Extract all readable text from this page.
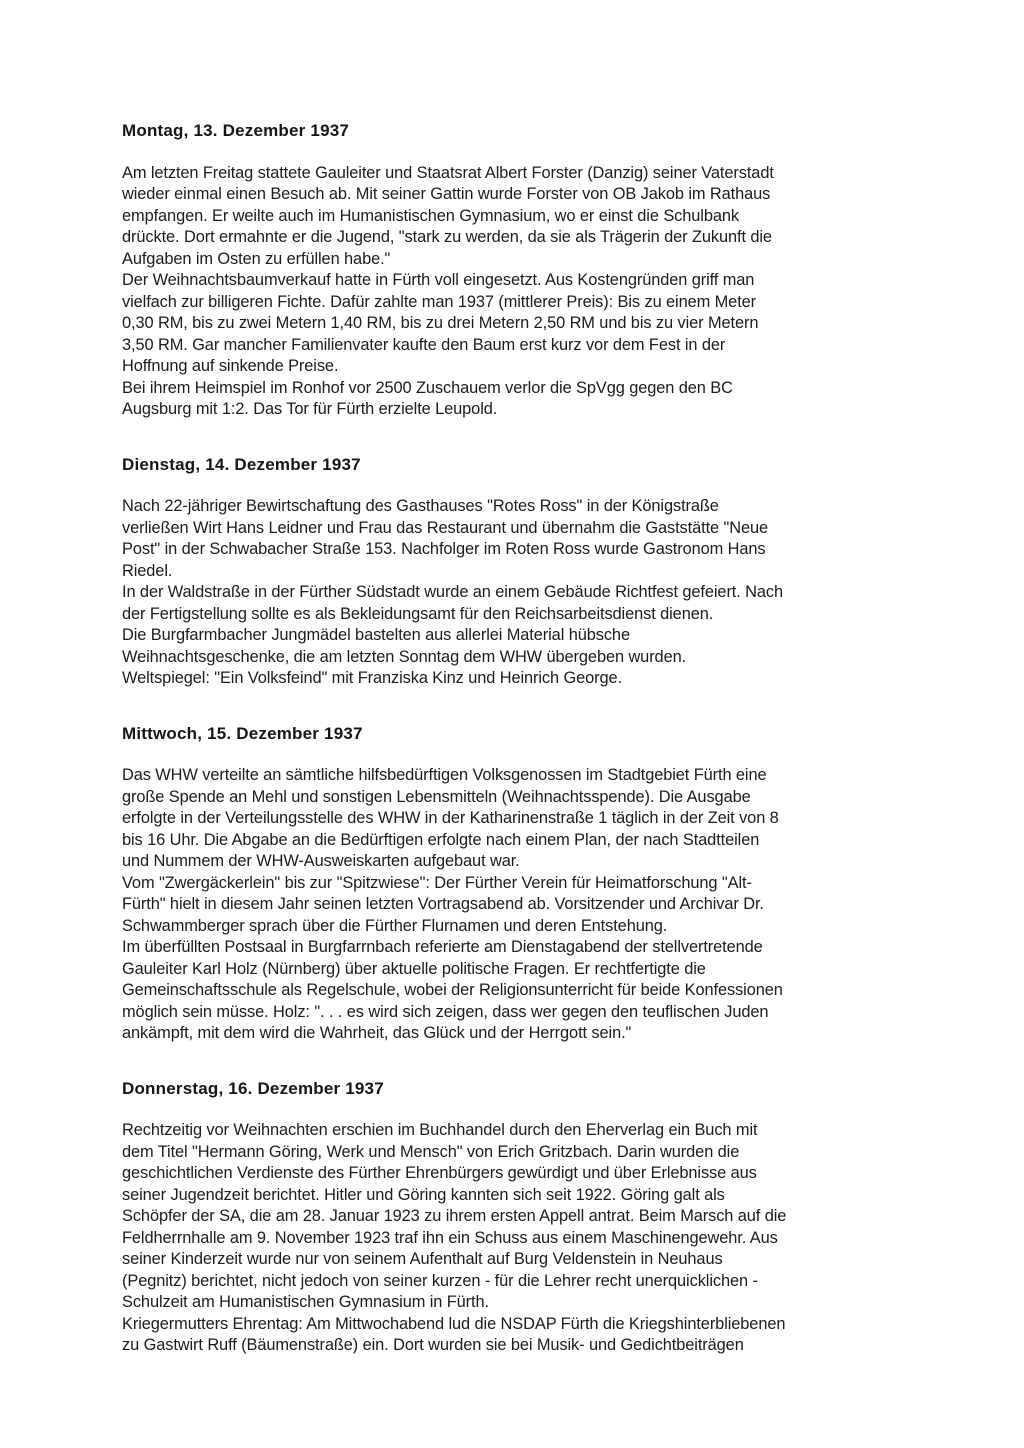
Montag, 13. Dezember 1937
Am letzten Freitag stattete Gauleiter und Staatsrat Albert Forster (Danzig) seiner Vaterstadt
wieder einmal einen Besuch ab. Mit seiner Gattin wurde Forster von OB Jakob im Rathaus
empfangen. Er weilte auch im Humanistischen Gymnasium, wo er einst die Schulbank
drückte. Dort ermahnte er die Jugend, "stark zu werden, da sie als Trägerin der Zukunft die
Aufgaben im Osten zu erfüllen habe."
Der Weihnachtsbaumverkauf hatte in Fürth voll eingesetzt. Aus Kostengründen griff man
vielfach zur billigeren Fichte. Dafür zahlte man 1937 (mittlerer Preis): Bis zu einem Meter
0,30 RM, bis zu zwei Metern 1,40 RM, bis zu drei Metern 2,50 RM und bis zu vier Metern
3,50 RM. Gar mancher Familienvater kaufte den Baum erst kurz vor dem Fest in der
Hoffnung auf sinkende Preise.
Bei ihrem Heimspiel im Ronhof vor 2500 Zuschauem verlor die SpVgg gegen den BC
Augsburg mit 1:2. Das Tor für Fürth erzielte Leupold.
Dienstag, 14. Dezember 1937
Nach 22-jähriger Bewirtschaftung des Gasthauses "Rotes Ross" in der Königstraße
verließen Wirt Hans Leidner und Frau das Restaurant und übernahm die Gaststätte "Neue
Post" in der Schwabacher Straße 153. Nachfolger im Roten Ross wurde Gastronom Hans
Riedel.
In der Waldstraße in der Fürther Südstadt wurde an einem Gebäude Richtfest gefeiert. Nach
der Fertigstellung sollte es als Bekleidungsamt für den Reichsarbeitsdienst dienen.
Die Burgfarmbacher Jungmädel bastelten aus allerlei Material hübsche
Weihnachtsgeschenke, die am letzten Sonntag dem WHW übergeben wurden.
Weltspiegel: "Ein Volksfeind" mit Franziska Kinz und Heinrich George.
Mittwoch, 15. Dezember 1937
Das WHW verteilte an sämtliche hilfsbedürftigen Volksgenossen im Stadtgebiet Fürth eine
große Spende an Mehl und sonstigen Lebensmitteln (Weihnachtsspende). Die Ausgabe
erfolgte in der Verteilungsstelle des WHW in der Katharinenstraße 1 täglich in der Zeit von 8
bis 16 Uhr. Die Abgabe an die Bedürftigen erfolgte nach einem Plan, der nach Stadtteilen
und Nummem der WHW-Ausweiskarten aufgebaut war.
Vom "Zwergäckerlein" bis zur "Spitzwiese": Der Fürther Verein für Heimatforschung "Alt-
Fürth" hielt in diesem Jahr seinen letzten Vortragsabend ab. Vorsitzender und Archivar Dr.
Schwammberger sprach über die Fürther Flurnamen und deren Entstehung.
Im überfüllten Postsaal in Burgfarrnbach referierte am Dienstagabend der stellvertretende
Gauleiter Karl Holz (Nürnberg) über aktuelle politische Fragen. Er rechtfertigte die
Gemeinschaftsschule als Regelschule, wobei der Religionsunterricht für beide Konfessionen
möglich sein müsse. Holz: ". . . es wird sich zeigen, dass wer gegen den teuflischen Juden
ankämpft, mit dem wird die Wahrheit, das Glück und der Herrgott sein."
Donnerstag, 16. Dezember 1937
Rechtzeitig vor Weihnachten erschien im Buchhandel durch den Eherverlag ein Buch mit
dem Titel "Hermann Göring, Werk und Mensch" von Erich Gritzbach. Darin wurden die
geschichtlichen Verdienste des Fürther Ehrenbürgers gewürdigt und über Erlebnisse aus
seiner Jugendzeit berichtet. Hitler und Göring kannten sich seit 1922. Göring galt als
Schöpfer der SA, die am 28. Januar 1923 zu ihrem ersten Appell antrat. Beim Marsch auf die
Feldherrnhalle am 9. November 1923 traf ihn ein Schuss aus einem Maschinengewehr. Aus
seiner Kinderzeit wurde nur von seinem Aufenthalt auf Burg Veldenstein in Neuhaus
(Pegnitz) berichtet, nicht jedoch von seiner kurzen - für die Lehrer recht unerquicklichen -
Schulzeit am Humanistischen Gymnasium in Fürth.
Kriegermutters Ehrentag: Am Mittwochabend lud die NSDAP Fürth die Kriegshinterbliebenen
zu Gastwirt Ruff (Bäumenstraße) ein. Dort wurden sie bei Musik- und Gedichtbeiträgen
